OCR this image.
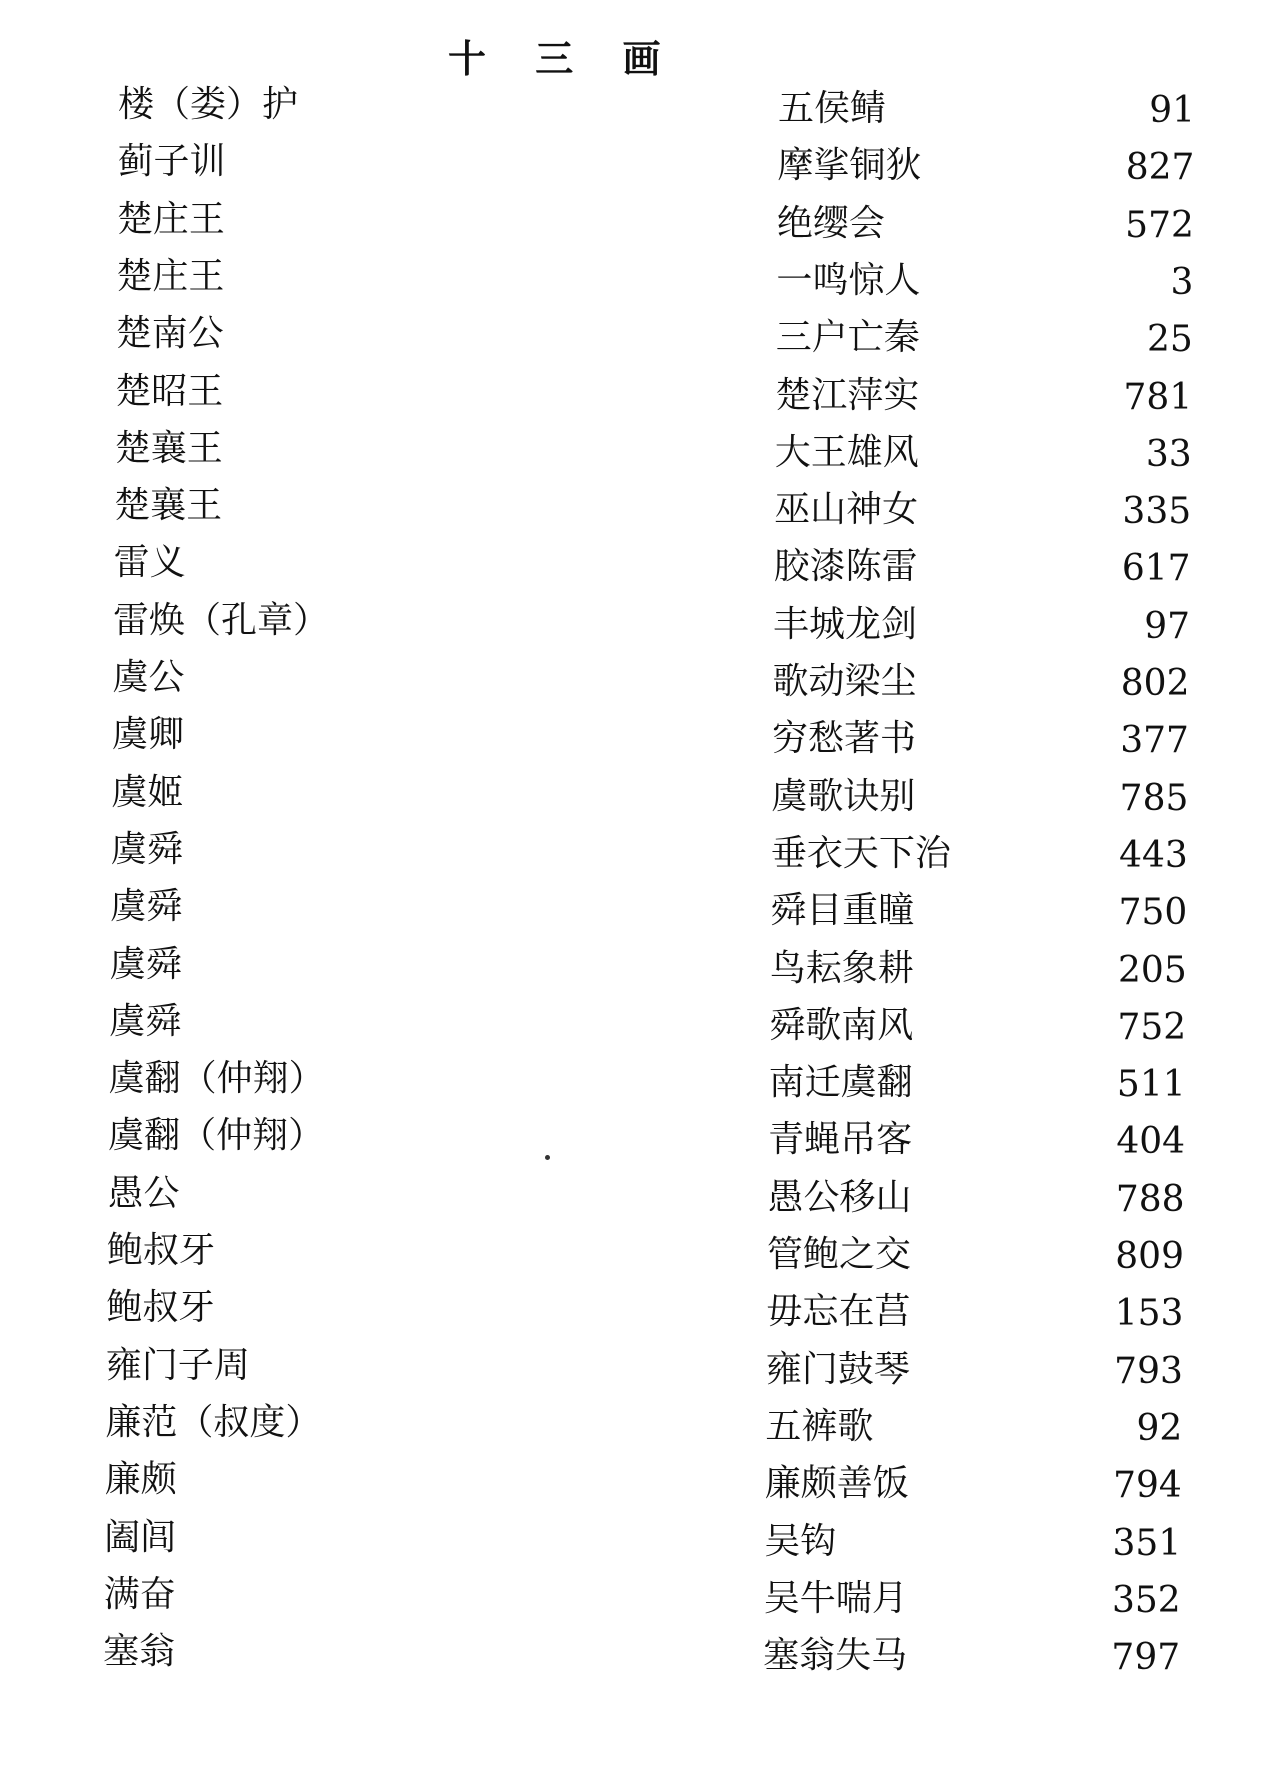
十 三 画
楼（娄）护	五侯鲭	91
蓟子训	摩挲铜狄	827
楚庄王	绝缨会	572
楚庄王	一鸣惊人	3
楚南公	三户亡秦	25
楚昭王	楚江萍实	781
楚襄王	大王雄风	33
楚襄王	巫山神女	335
雷义	胶漆陈雷	617
雷焕（孔章）	丰城龙剑	97
虞公	歌动梁尘	802
虞卿	穷愁著书	377
虞姬	虞歌诀别	785
虞舜	垂衣天下治	443
虞舜	舜目重瞳	750
虞舜	鸟耘象耕	205
虞舜	舜歌南风	752
虞翻（仲翔）	南迁虞翻	511
虞翻（仲翔）	青蝇吊客	404
愚公	愚公移山	788
鲍叔牙	管鲍之交	809
鲍叔牙	毋忘在莒	153
雍门子周	雍门鼓琴	793
廉范（叔度）	五裤歌	92
廉颇	廉颇善饭	794
阖闾	吴钩	351
满奋	吴牛喘月	352
塞翁	塞翁失马	797
